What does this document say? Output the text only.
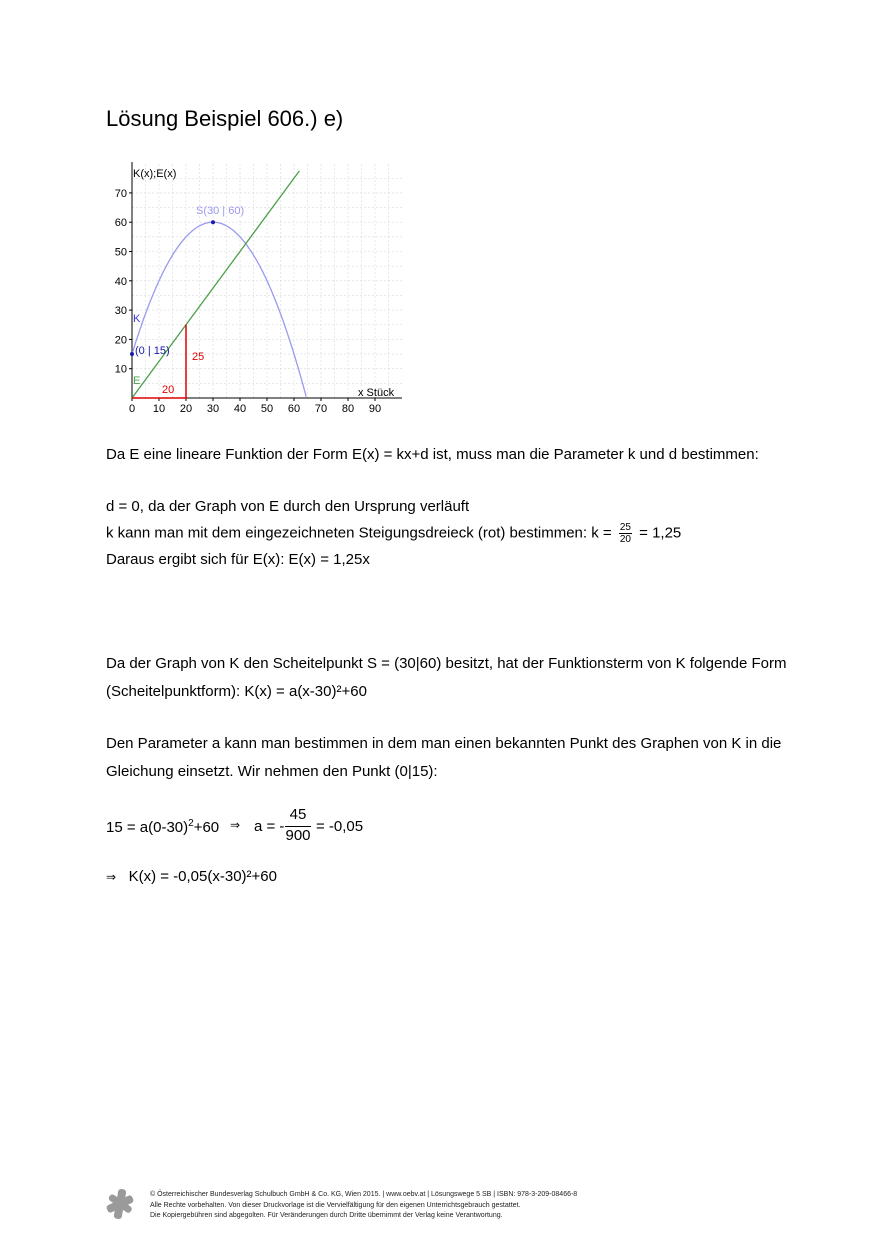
Lösung Beispiel 606.) e)
0 10 20 30 40 50 60 70 80 90
10
20
30
40
50
60
70
K(x);E(x)
x Stück
S(30 | 60)
(0 | 15)
K
E
20
25
Da E eine lineare Funktion der Form E(x) = kx+d ist, muss man die Parameter k und d bestimmen:
d = 0, da der Graph von E durch den Ursprung verläuft
k kann man mit dem eingezeichneten Steigungsdreieck (rot) bestimmen: $k = \frac{25}{20} = 1,25$
Daraus ergibt sich für E(x): E(x) = 1,25x
Da der Graph von K den Scheitelpunkt S = (30|60) besitzt, hat der Funktionsterm von K folgende Form
(Scheitelpunktform): K(x) = a(x-30)²+60
Den Parameter a kann man bestimmen in dem man einen bekannten Punkt des Graphen von K in die
Gleichung einsetzt. Wir nehmen den Punkt (0|15):
$15 = a(0-30)^2+60$ ⇒ a = -
45
900
= -0,05
⇒ K(x) = -0,05(x-30)²+60
© Österreichischer Bundesverlag Schulbuch GmbH & Co. KG, Wien 2015. | www.oebv.at | Lösungswege 5 SB | ISBN: 978-3-209-08466-8
Alle Rechte vorbehalten. Von dieser Druckvorlage ist die Vervielfältigung für den eigenen Unterrichtsgebrauch gestattet.
Die Kopiergebühren sind abgegolten. Für Veränderungen durch Dritte übernimmt der Verlag keine Verantwortung.
